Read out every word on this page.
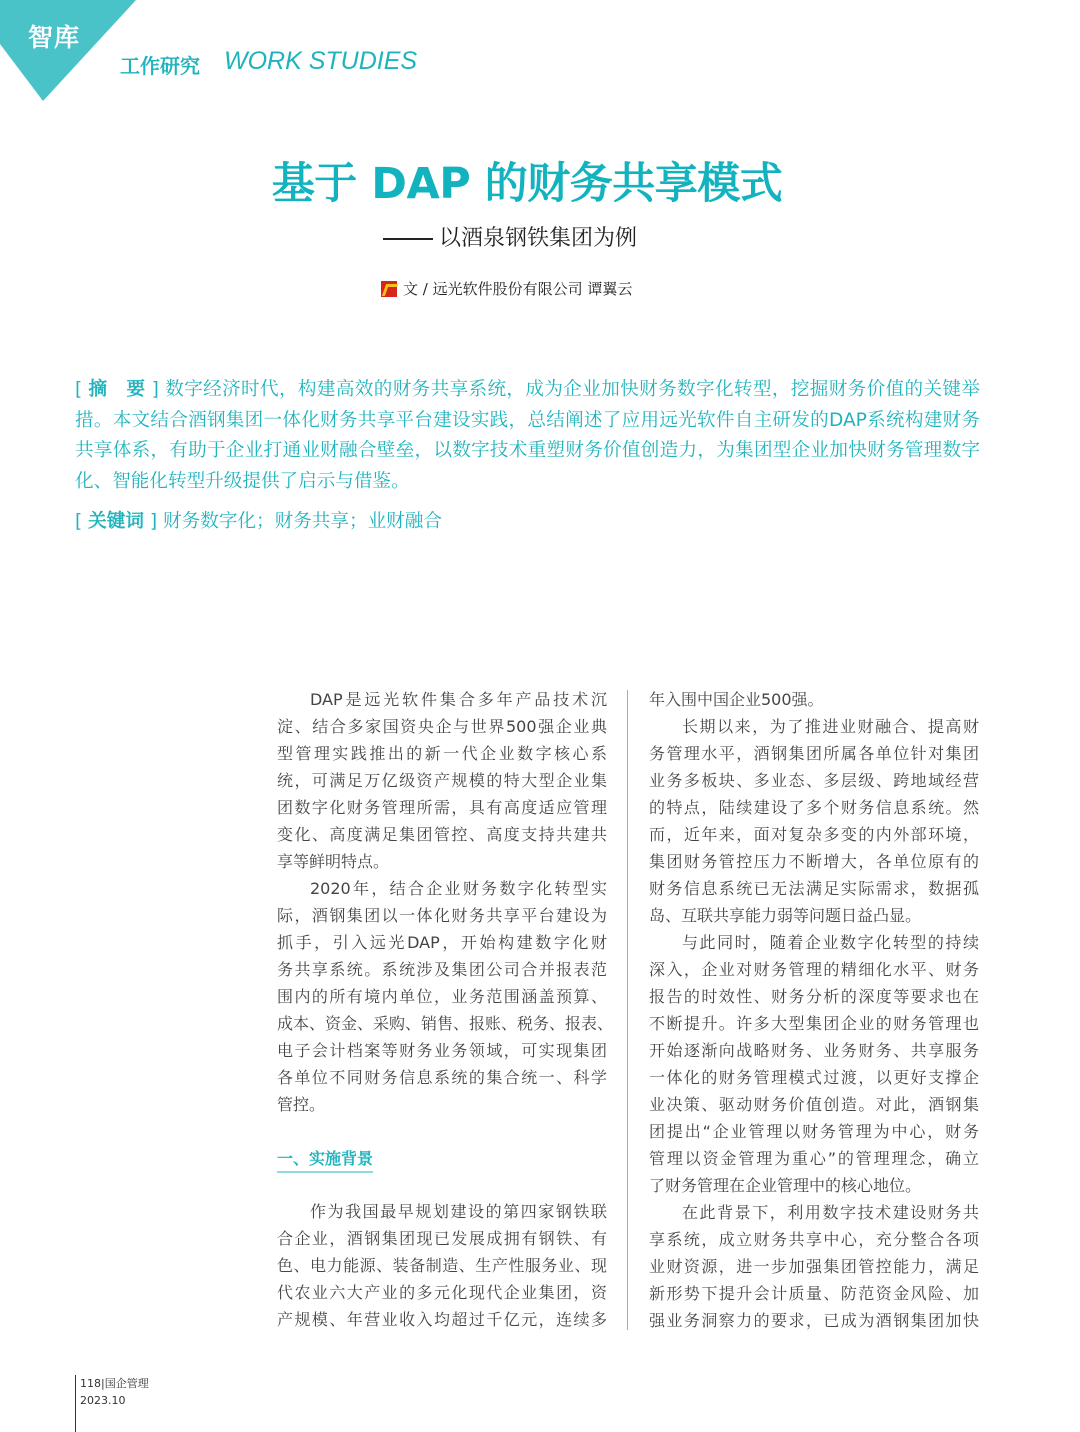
智库
工作研究 WORK STUDIES
基于 DAP 的财务共享模式
以酒泉钢铁集团为例
文 / 远光软件股份有限公司 谭翼云
[ 摘　要 ] 数字经济时代，构建高效的财务共享系统，成为企业加快财务数字化转型，挖掘财务价值的关键举措。本文结合酒钢集团一体化财务共享平台建设实践，总结阐述了应用远光软件自主研发的DAP系统构建财务共享体系，有助于企业打通业财融合壁垒，以数字技术重塑财务价值创造力，为集团型企业加快财务管理数字化、智能化转型升级提供了启示与借鉴。
[ 关键词 ] 财务数字化；财务共享；业财融合
DAP是远光软件集合多年产品技术沉
淀、结合多家国资央企与世界500强企业典
型管理实践推出的新一代企业数字核心系
统，可满足万亿级资产规模的特大型企业集
团数字化财务管理所需，具有高度适应管理
变化、高度满足集团管控、高度支持共建共
享等鲜明特点。
2020年，结合企业财务数字化转型实
际，酒钢集团以一体化财务共享平台建设为
抓手，引入远光DAP，开始构建数字化财
务共享系统。系统涉及集团公司合并报表范
围内的所有境内单位，业务范围涵盖预算、
成本、资金、采购、销售、报账、税务、报表、
电子会计档案等财务业务领域，可实现集团
各单位不同财务信息系统的集合统一、科学
管控。
一、实施背景
作为我国最早规划建设的第四家钢铁联
合企业，酒钢集团现已发展成拥有钢铁、有
色、电力能源、装备制造、生产性服务业、现
代农业六大产业的多元化现代企业集团，资
产规模、年营业收入均超过千亿元，连续多
年入围中国企业500强。
长期以来，为了推进业财融合、提高财
务管理水平，酒钢集团所属各单位针对集团
业务多板块、多业态、多层级、跨地域经营
的特点，陆续建设了多个财务信息系统。然
而，近年来，面对复杂多变的内外部环境，
集团财务管控压力不断增大，各单位原有的
财务信息系统已无法满足实际需求，数据孤
岛、互联共享能力弱等问题日益凸显。
与此同时，随着企业数字化转型的持续
深入，企业对财务管理的精细化水平、财务
报告的时效性、财务分析的深度等要求也在
不断提升。许多大型集团企业的财务管理也
开始逐渐向战略财务、业务财务、共享服务
一体化的财务管理模式过渡，以更好支撑企
业决策、驱动财务价值创造。对此，酒钢集
团提出“企业管理以财务管理为中心，财务
管理以资金管理为重心”的管理理念，确立
了财务管理在企业管理中的核心地位。
在此背景下，利用数字技术建设财务共
享系统，成立财务共享中心，充分整合各项
业财资源，进一步加强集团管控能力，满足
新形势下提升会计质量、防范资金风险、加
强业务洞察力的要求，已成为酒钢集团加快
118|国企管理
2023.10
